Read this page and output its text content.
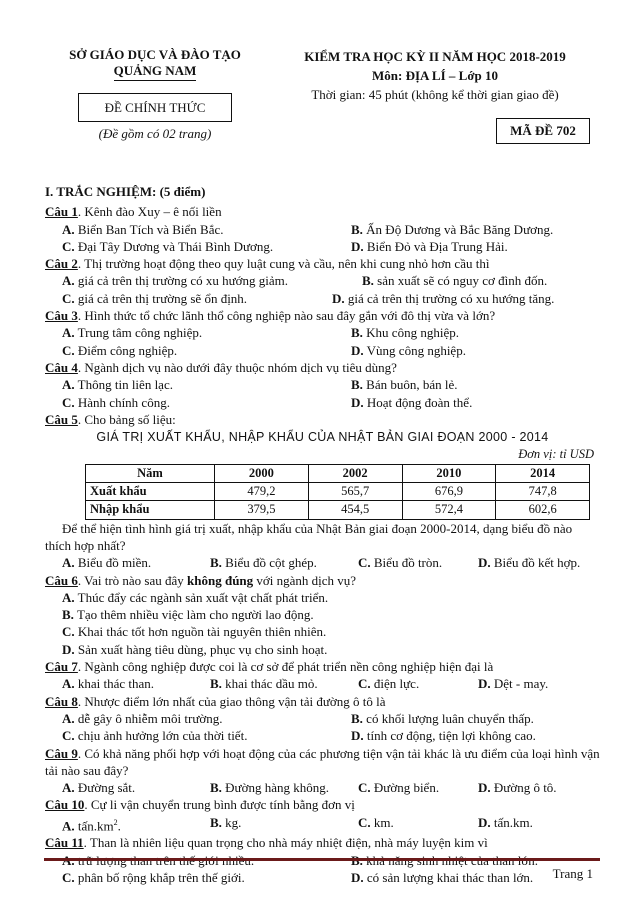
SỞ GIÁO DỤC VÀ ĐÀO TẠO
QUẢNG NAM
ĐỀ CHÍNH THỨC
(Đề gồm có 02 trang)
KIỂM TRA HỌC KỲ II NĂM HỌC 2018-2019
Môn: ĐỊA LÍ – Lớp 10
Thời gian: 45 phút (không kể thời gian giao đề)
MÃ ĐỀ 702
I. TRẮC NGHIỆM: (5 điểm)
Câu 1. Kênh đào Xuy – ê nối liền
A. Biển Ban Tích và Biển Bắc.	B. Ấn Độ Dương và Bắc Băng Dương.
C. Đại Tây Dương và Thái Bình Dương.	D. Biển Đỏ và Địa Trung Hải.
Câu 2. Thị trường hoạt động theo quy luật cung và cầu, nên khi cung nhỏ hơn cầu thì
A. giá cả trên thị trường có xu hướng giảm.	B. sản xuất sẽ có nguy cơ đình đốn.
C. giá cả trên thị trường sẽ ổn định.	D. giá cả trên thị trường có xu hướng tăng.
Câu 3. Hình thức tổ chức lãnh thổ công nghiệp nào sau đây gắn với đô thị vừa và lớn?
A. Trung tâm công nghiệp.	B. Khu công nghiệp.
C. Điểm công nghiệp.	D. Vùng công nghiệp.
Câu 4. Ngành dịch vụ nào dưới đây thuộc nhóm dịch vụ tiêu dùng?
A. Thông tin liên lạc.	B. Bán buôn, bán lẻ.
C. Hành chính công.	D. Hoạt động đoàn thể.
Câu 5. Cho bảng số liệu:
GIÁ TRỊ XUẤT KHẨU, NHẬP KHẨU CỦA NHẬT BẢN GIAI ĐOẠN 2000 - 2014
Đơn vị: tỉ USD
Năm	2000	2002	2010	2014
Xuất khẩu	479,2	565,7	676,9	747,8
Nhập khẩu	379,5	454,5	572,4	602,6
Để thể hiện tình hình giá trị xuất, nhập khẩu của Nhật Bản giai đoạn 2000-2014, dạng biểu đồ nào thích hợp nhất?
A. Biểu đồ miền.	B. Biểu đồ cột ghép.	C. Biểu đồ tròn.	D. Biểu đồ kết hợp.
Câu 6. Vai trò nào sau đây không đúng với ngành dịch vụ?
A. Thúc đẩy các ngành sản xuất vật chất phát triển.
B. Tạo thêm nhiều việc làm cho người lao động.
C. Khai thác tốt hơn nguồn tài nguyên thiên nhiên.
D. Sản xuất hàng tiêu dùng, phục vụ cho sinh hoạt.
Câu 7. Ngành công nghiệp được coi là cơ sở để phát triển nền công nghiệp hiện đại là
A. khai thác than.	B. khai thác dầu mỏ.	C. điện lực.	D. Dệt - may.
Câu 8. Nhược điểm lớn nhất của giao thông vận tải đường ô tô là
A. dễ gây ô nhiễm môi trường.	B. có khối lượng luân chuyển thấp.
C. chịu ảnh hưởng lớn của thời tiết.	D. tính cơ động, tiện lợi không cao.
Câu 9. Có khả năng phối hợp với hoạt động của các phương tiện vận tải khác là ưu điểm của loại hình vận tải nào sau đây?
A. Đường sắt.	B. Đường hàng không.	C. Đường biển.	D. Đường ô tô.
Câu 10. Cự li vận chuyển trung bình được tính bằng đơn vị
A. $tấn.km^2$.	B. kg.	C. km.	D. tấn.km.
Câu 11. Than là nhiên liệu quan trọng cho nhà máy nhiệt điện, nhà máy luyện kim vì
C. phân bố rộng khắp trên thế giới.	D. có sản lượng khai thác than lớn.	Trang 1
